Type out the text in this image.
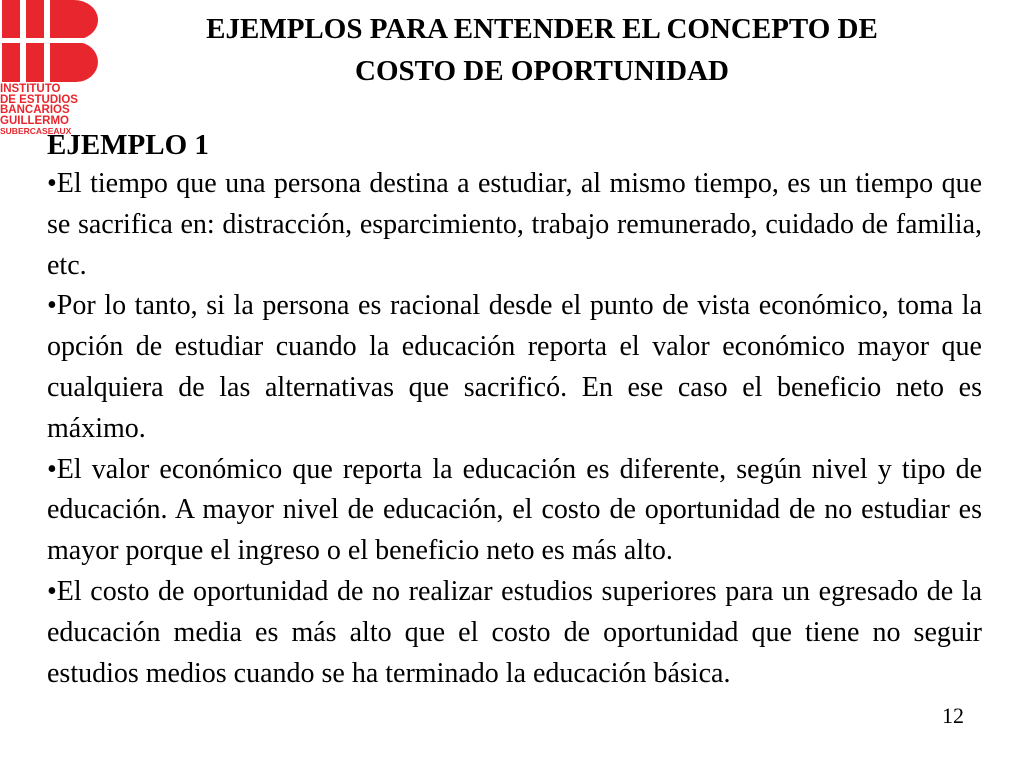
INSTITUTO
DE ESTUDIOS
BANCARIOS
GUILLERMO
SUBERCASEAUX
EJEMPLOS PARA ENTENDER EL CONCEPTO DE
COSTO DE OPORTUNIDAD

EJEMPLO 1

•El tiempo que una persona destina a estudiar, al mismo tiempo, es un tiempo que se sacrifica en: distracción, esparcimiento, trabajo remunerado, cuidado de familia, etc.

•Por lo tanto, si la persona es racional desde el punto de vista económico, toma la opción de estudiar cuando la educación reporta el valor económico mayor que cualquiera de las alternativas que sacrificó. En ese caso el beneficio neto es máximo.

•El valor económico que reporta la educación es diferente, según nivel y tipo de educación. A mayor nivel de educación, el costo de oportunidad de no estudiar es mayor porque el ingreso o el beneficio neto es más alto.

•El costo de oportunidad de no realizar estudios superiores para un egresado de la educación media es más alto que el costo de oportunidad que tiene no seguir estudios medios cuando se ha terminado la educación básica.

12
